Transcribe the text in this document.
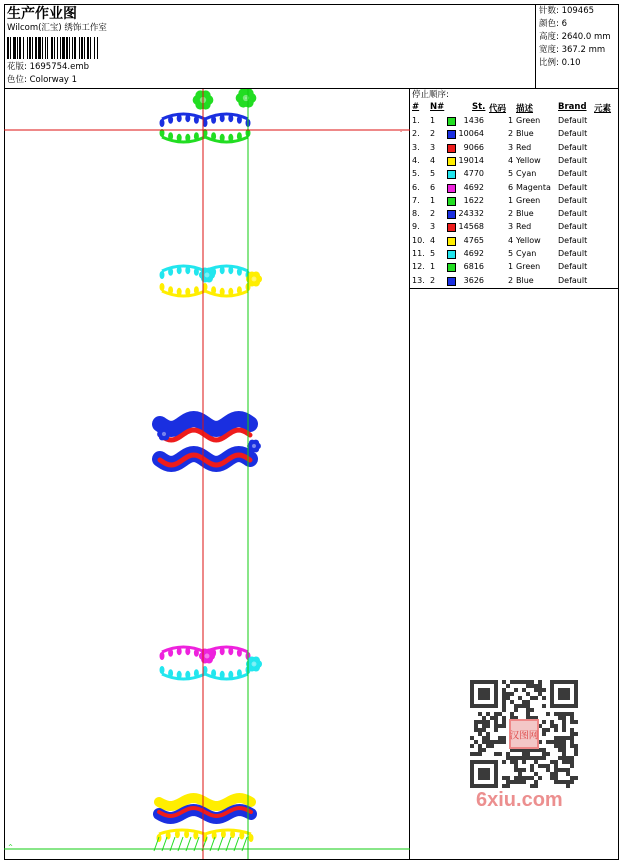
生产作业图
Wilcom(汇宝) 绣饰工作室
花版: 1695754.emb
色位: Colorway 1
针数: 109465
颜色: 6
高度: 2640.0 mm
宽度: 367.2 mm
比例: 0.10
-
^
停止顺序:
# N#	St. 代码 描述	Brand 元素
1. 1	1436	1 Green Default
2. 2	10064	2 Blue	Default
3. 3	9066	3 Red	Default
4. 4	19014	4 Yellow Default
5. 5	4770	5 Cyan	Default
6. 6	4692	6 Magenta Default
7. 1	1622	1 Green Default
8. 2	24332	2 Blue	Default
9. 3	14568	3 Red	Default
10. 4	4765	4 Yellow Default
11. 5	4692	5 Cyan	Default
12. 1	6816	1 Green Default
13. 2	3626	2 Blue	Default
汉图网
6xiu.com
